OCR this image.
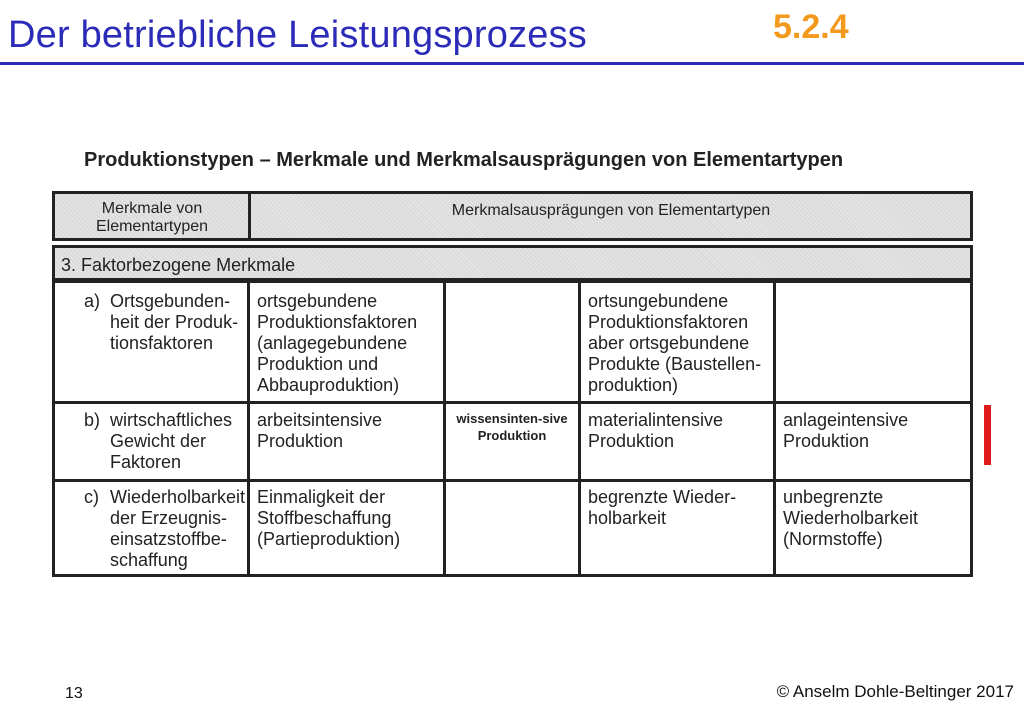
Der betriebliche Leistungsprozess	5.2.4
Produktionstypen – Merkmale und Merkmalsausprägungen von Elementartypen
Merkmale von Elementartypen
Merkmalsausprägungen von Elementartypen
3. Faktorbezogene Merkmale
a) Ortsgebunden-heit der Produk-tionsfaktoren
ortsgebundene Produktionsfaktoren (anlagegebundene Produktion und Abbauproduktion)
ortsungebundene Produktionsfaktoren aber ortsgebundene Produkte (Baustellen-produktion)
b) wirtschaftliches Gewicht der Faktoren
arbeitsintensive Produktion
wissensinten-sive Produktion
materialintensive Produktion
anlageintensive Produktion
c) Wiederholbarkeit der Erzeugnis-einsatzstoffbe-schaffung
Einmaligkeit der Stoffbeschaffung (Partieproduktion)
begrenzte Wieder-holbarkeit
unbegrenzte Wiederholbarkeit (Normstoffe)
13	© Anselm Dohle-Beltinger 2017
